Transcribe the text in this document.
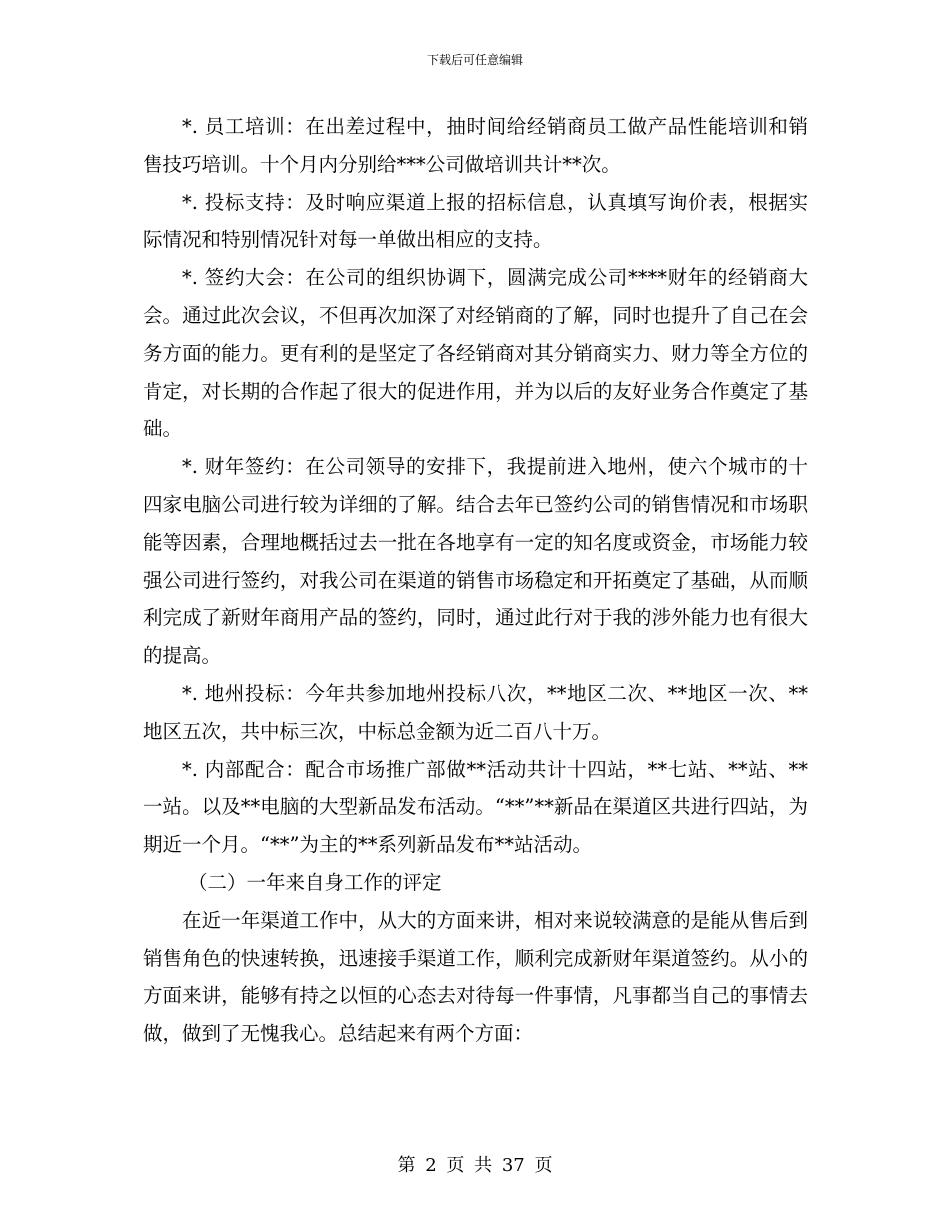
下载后可任意编辑

*. 员工培训：在出差过程中，抽时间给经销商员工做产品性能培训和销售技巧培训。十个月内分别给***公司做培训共计**次。

*. 投标支持：及时响应渠道上报的招标信息，认真填写询价表，根据实际情况和特别情况针对每一单做出相应的支持。

*. 签约大会：在公司的组织协调下，圆满完成公司****财年的经销商大会。通过此次会议，不但再次加深了对经销商的了解，同时也提升了自己在会务方面的能力。更有利的是坚定了各经销商对其分销商实力、财力等全方位的肯定，对长期的合作起了很大的促进作用，并为以后的友好业务合作奠定了基础。

*. 财年签约：在公司领导的安排下，我提前进入地州，使六个城市的十四家电脑公司进行较为详细的了解。结合去年已签约公司的销售情况和市场职能等因素，合理地概括过去一批在各地享有一定的知名度或资金，市场能力较强公司进行签约，对我公司在渠道的销售市场稳定和开拓奠定了基础，从而顺利完成了新财年商用产品的签约，同时，通过此行对于我的涉外能力也有很大的提高。

*. 地州投标：今年共参加地州投标八次，**地区二次、**地区一次、**地区五次，共中标三次，中标总金额为近二百八十万。

*. 内部配合：配合市场推广部做**活动共计十四站，**七站、**站、**一站。以及**电脑的大型新品发布活动。“**”**新品在渠道区共进行四站，为期近一个月。“**”为主的**系列新品发布**站活动。

（二）一年来自身工作的评定

在近一年渠道工作中，从大的方面来讲，相对来说较满意的是能从售后到销售角色的快速转换，迅速接手渠道工作，顺利完成新财年渠道签约。从小的方面来讲，能够有持之以恒的心态去对待每一件事情，凡事都当自己的事情去做，做到了无愧我心。总结起来有两个方面：

第 2 页 共 37 页
